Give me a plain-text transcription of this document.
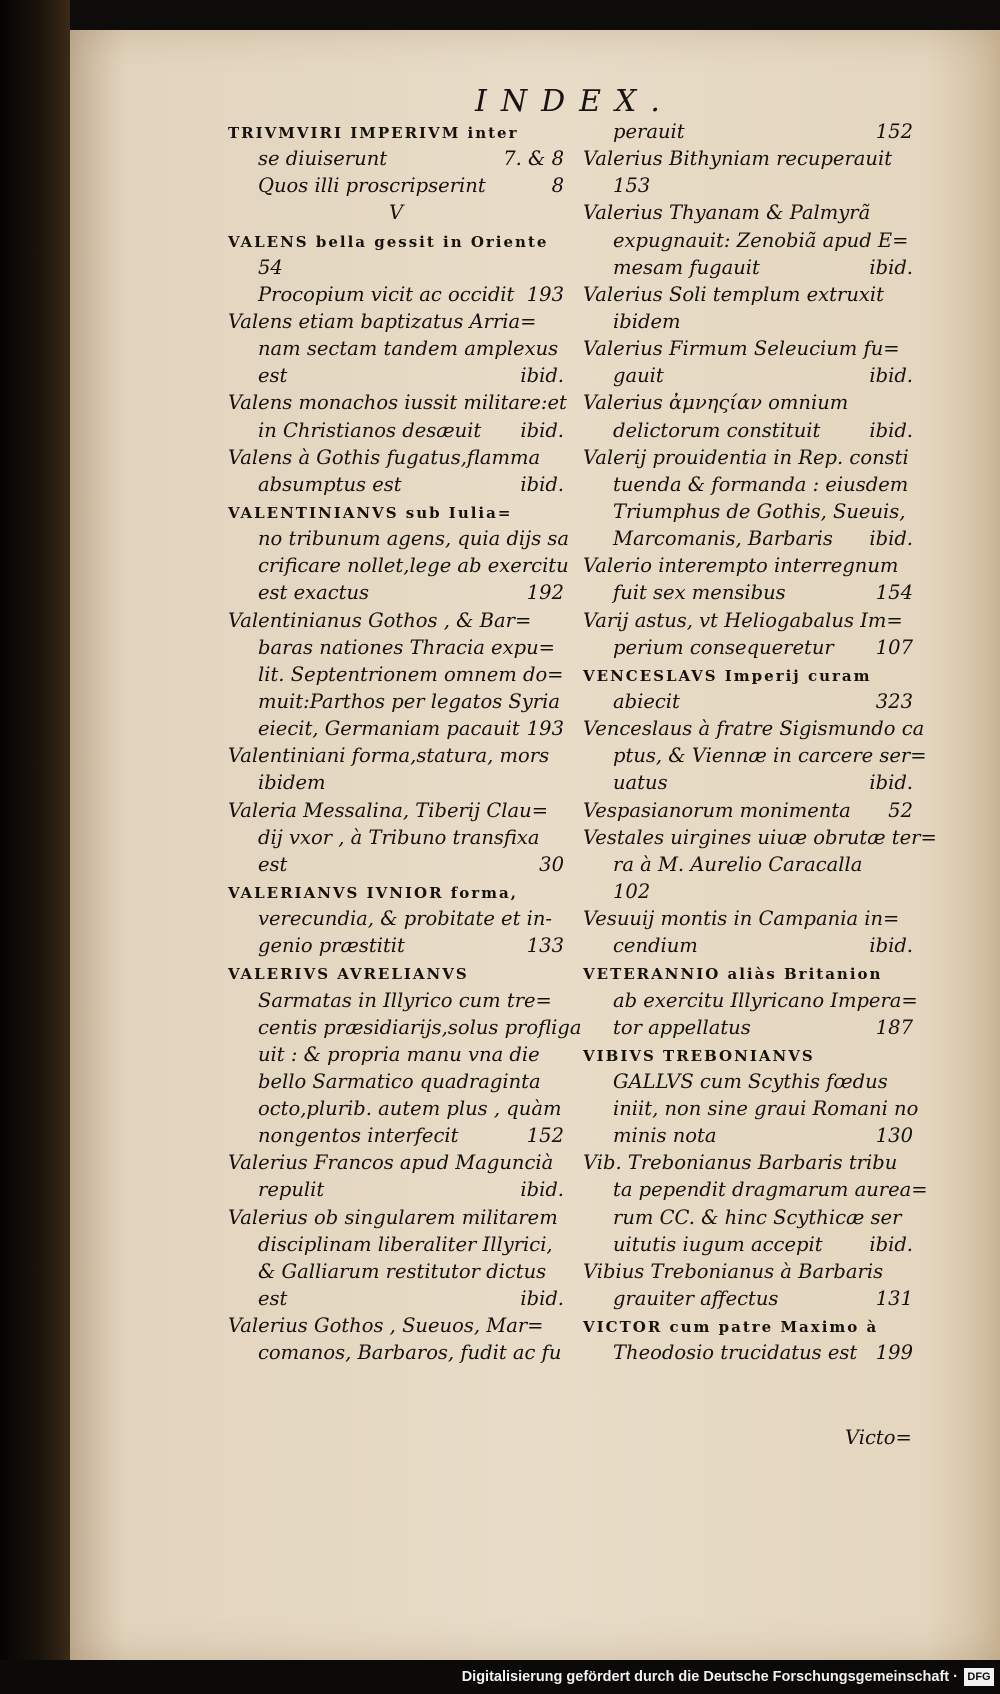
INDEX.
TRIVMVIRI IMPERIVM inter
se diuiserunt	7. & 8
Quos illi proscripserint	8
V
VALENS bella gessit in Oriente
54
Procopium vicit ac occidit 193
Valens etiam baptizatus Arria=
nam sectam tandem amplexus
est	ibid.
Valens monachos iussit militare:et
in Christianos desæuit ibid.
Valens à Gothis fugatus,flamma
absumptus est	ibid.
VALENTINIANVS sub Iulia=
no tribunum agens, quia dijs sa
crificare nollet,lege ab exercitu
est exactus	192
Valentinianus Gothos , & Bar=
baras nationes Thracia expu=
lit. Septentrionem omnem do=
muit:Parthos per legatos Syria
eiecit, Germaniam pacauit 193
Valentiniani forma,statura, mors
ibidem
Valeria Messalina, Tiberij Clau=
dij vxor , à Tribuno transfixa
est	30
VALERIANVS IVNIOR forma,
verecundia, & probitate et in-
genio præstitit	133
VALERIVS AVRELIANVS
Sarmatas in Illyrico cum tre=
centis præsidiarijs,solus profliga
uit : & propria manu vna die
bello Sarmatico quadraginta
octo,plurib. autem plus , quàm
nongentos interfecit	152
Valerius Francos apud Maguncià
repulit	ibid.
Valerius ob singularem militarem
disciplinam liberaliter Illyrici,
& Galliarum restitutor dictus
est	ibid.
Valerius Gothos , Sueuos, Mar=
comanos, Barbaros, fudit ac fu
perauit	152
Valerius Bithyniam recuperauit
153
Valerius Thyanam & Palmyrã
expugnauit: Zenobiã apud E=
mesam fugauit	ibid.
Valerius Soli templum extruxit
ibidem
Valerius Firmum Seleucium fu=
gauit	ibid.
Valerius ἀμνηςίαν omnium
delictorum constituit	ibid.
Valerij prouidentia in Rep. consti
tuenda & formanda : eiusdem
Triumphus de Gothis, Sueuis,
Marcomanis, Barbaris ibid.
Valerio interempto interregnum
fuit sex mensibus	154
Varij astus, vt Heliogabalus Im=
perium consequeretur 107
VENCESLAVS Imperij curam
abiecit	323
Venceslaus à fratre Sigismundo ca
ptus, & Viennæ in carcere ser=
uatus	ibid.
Vespasianorum monimenta 52
Vestales uirgines uiuæ obrutæ ter=
ra à M. Aurelio Caracalla
102
Vesuuij montis in Campania in=
cendium	ibid.
VETERANNIO aliàs Britanion
ab exercitu Illyricano Impera=
tor appellatus	187
VIBIVS TREBONIANVS
GALLVS cum Scythis fœdus
iniit, non sine graui Romani no
minis nota	130
Vib. Trebonianus Barbaris tribu
ta pependit dragmarum aurea=
rum CC. & hinc Scythicæ ser
uitutis iugum accepit ibid.
Vibius Trebonianus à Barbaris
grauiter affectus	131
VICTOR cum patre Maximo à
Theodosio trucidatus est 199
Victo=
Digitalisierung gefördert durch die Deutsche Forschungsgemeinschaft · DFG
